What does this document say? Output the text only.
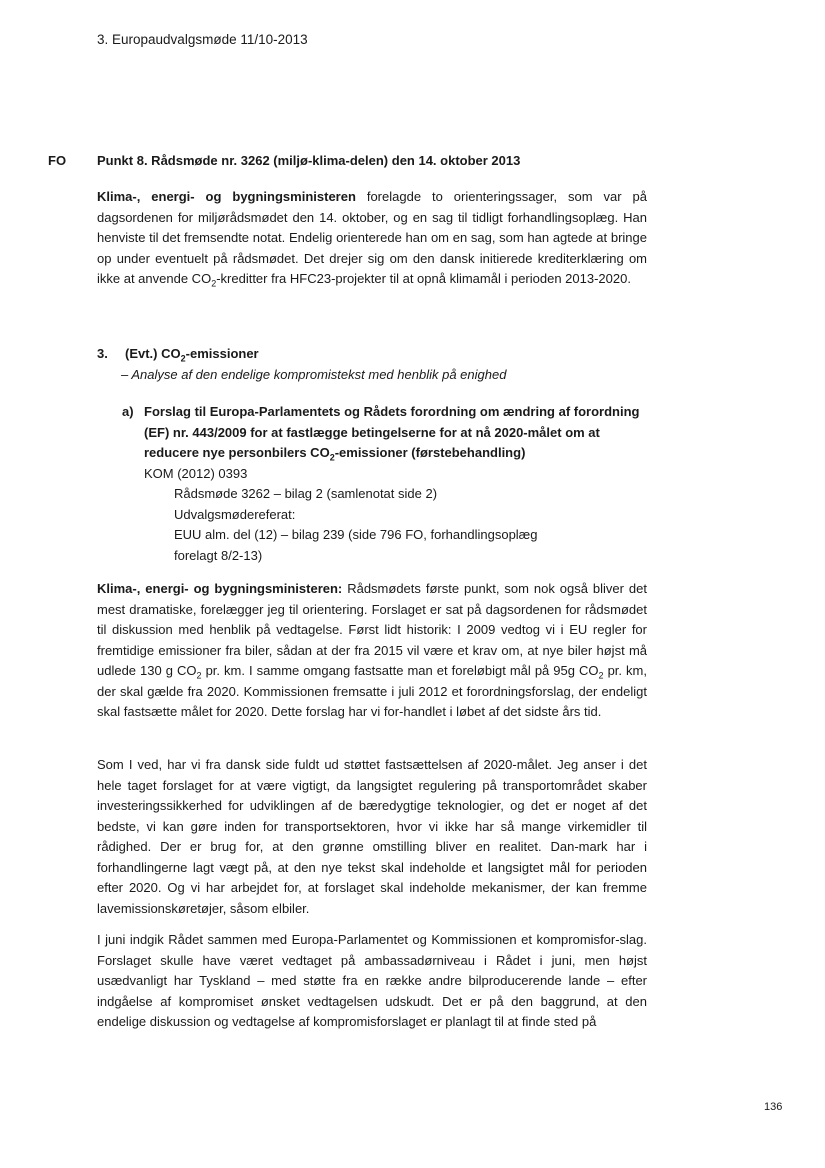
3. Europaudvalgsmøde 11/10-2013
FO Punkt 8. Rådsmøde nr. 3262 (miljø-klima-delen) den 14. oktober 2013
Klima-, energi- og bygningsministeren forelagde to orienteringssager, som var på dagsordenen for miljørådsmødet den 14. oktober, og en sag til tidligt forhandlingsoplæg. Han henviste til det fremsendte notat. Endelig orienterede han om en sag, som han agtede at bringe op under eventuelt på rådsmødet. Det drejer sig om den dansk initierede krediterklæring om ikke at anvende $CO_2$-kreditter fra HFC23-projekter til at opnå klimamål i perioden 2013-2020.
3. (Evt.) $CO_2$-emissioner
– Analyse af den endelige kompromistekst med henblik på enighed
a) Forslag til Europa-Parlamentets og Rådets forordning om ændring af forordning (EF) nr. 443/2009 for at fastlægge betingelserne for at nå 2020-målet om at reducere nye personbilers $CO_2$-emissioner (førstebehandling)
KOM (2012) 0393
Rådsmøde 3262 – bilag 2 (samlenotat side 2)
Udvalgsmødereferat:
EUU alm. del (12) – bilag 239 (side 796 FO, forhandlingsoplæg
forelagt 8/2-13)
Klima-, energi- og bygningsministeren: Rådsmødets første punkt, som nok også bliver det mest dramatiske, forelægger jeg til orientering. Forslaget er sat på dagsordenen for rådsmødet til diskussion med henblik på vedtagelse. Først lidt historik: I 2009 vedtog vi i EU regler for fremtidige emissioner fra biler, sådan at der fra 2015 vil være et krav om, at nye biler højst må udlede 130 g $CO_2$ pr. km. I samme omgang fastsatte man et foreløbigt mål på 95g $CO_2$ pr. km, der skal gælde fra 2020. Kommissionen fremsatte i juli 2012 et forordningsforslag, der endeligt skal fastsætte målet for 2020. Dette forslag har vi for-handlet i løbet af det sidste års tid.
Som I ved, har vi fra dansk side fuldt ud støttet fastsættelsen af 2020-målet. Jeg anser i det hele taget forslaget for at være vigtigt, da langsigtet regulering på transportområdet skaber investeringssikkerhed for udviklingen af de bæredygtige teknologier, og det er noget af det bedste, vi kan gøre inden for transportsektoren, hvor vi ikke har så mange virkemidler til rådighed. Der er brug for, at den grønne omstilling bliver en realitet. Dan-mark har i forhandlingerne lagt vægt på, at den nye tekst skal indeholde et langsigtet mål for perioden efter 2020. Og vi har arbejdet for, at forslaget skal indeholde mekanismer, der kan fremme lavemissionskøretøjer, såsom elbiler.
I juni indgik Rådet sammen med Europa-Parlamentet og Kommissionen et kompromisfor-slag. Forslaget skulle have været vedtaget på ambassadørniveau i Rådet i juni, men højst usædvanligt har Tyskland – med støtte fra en række andre bilproducerende lande – efter indgåelse af kompromiset ønsket vedtagelsen udskudt. Det er på den baggrund, at den endelige diskussion og vedtagelse af kompromisforslaget er planlagt til at finde sted på
136
